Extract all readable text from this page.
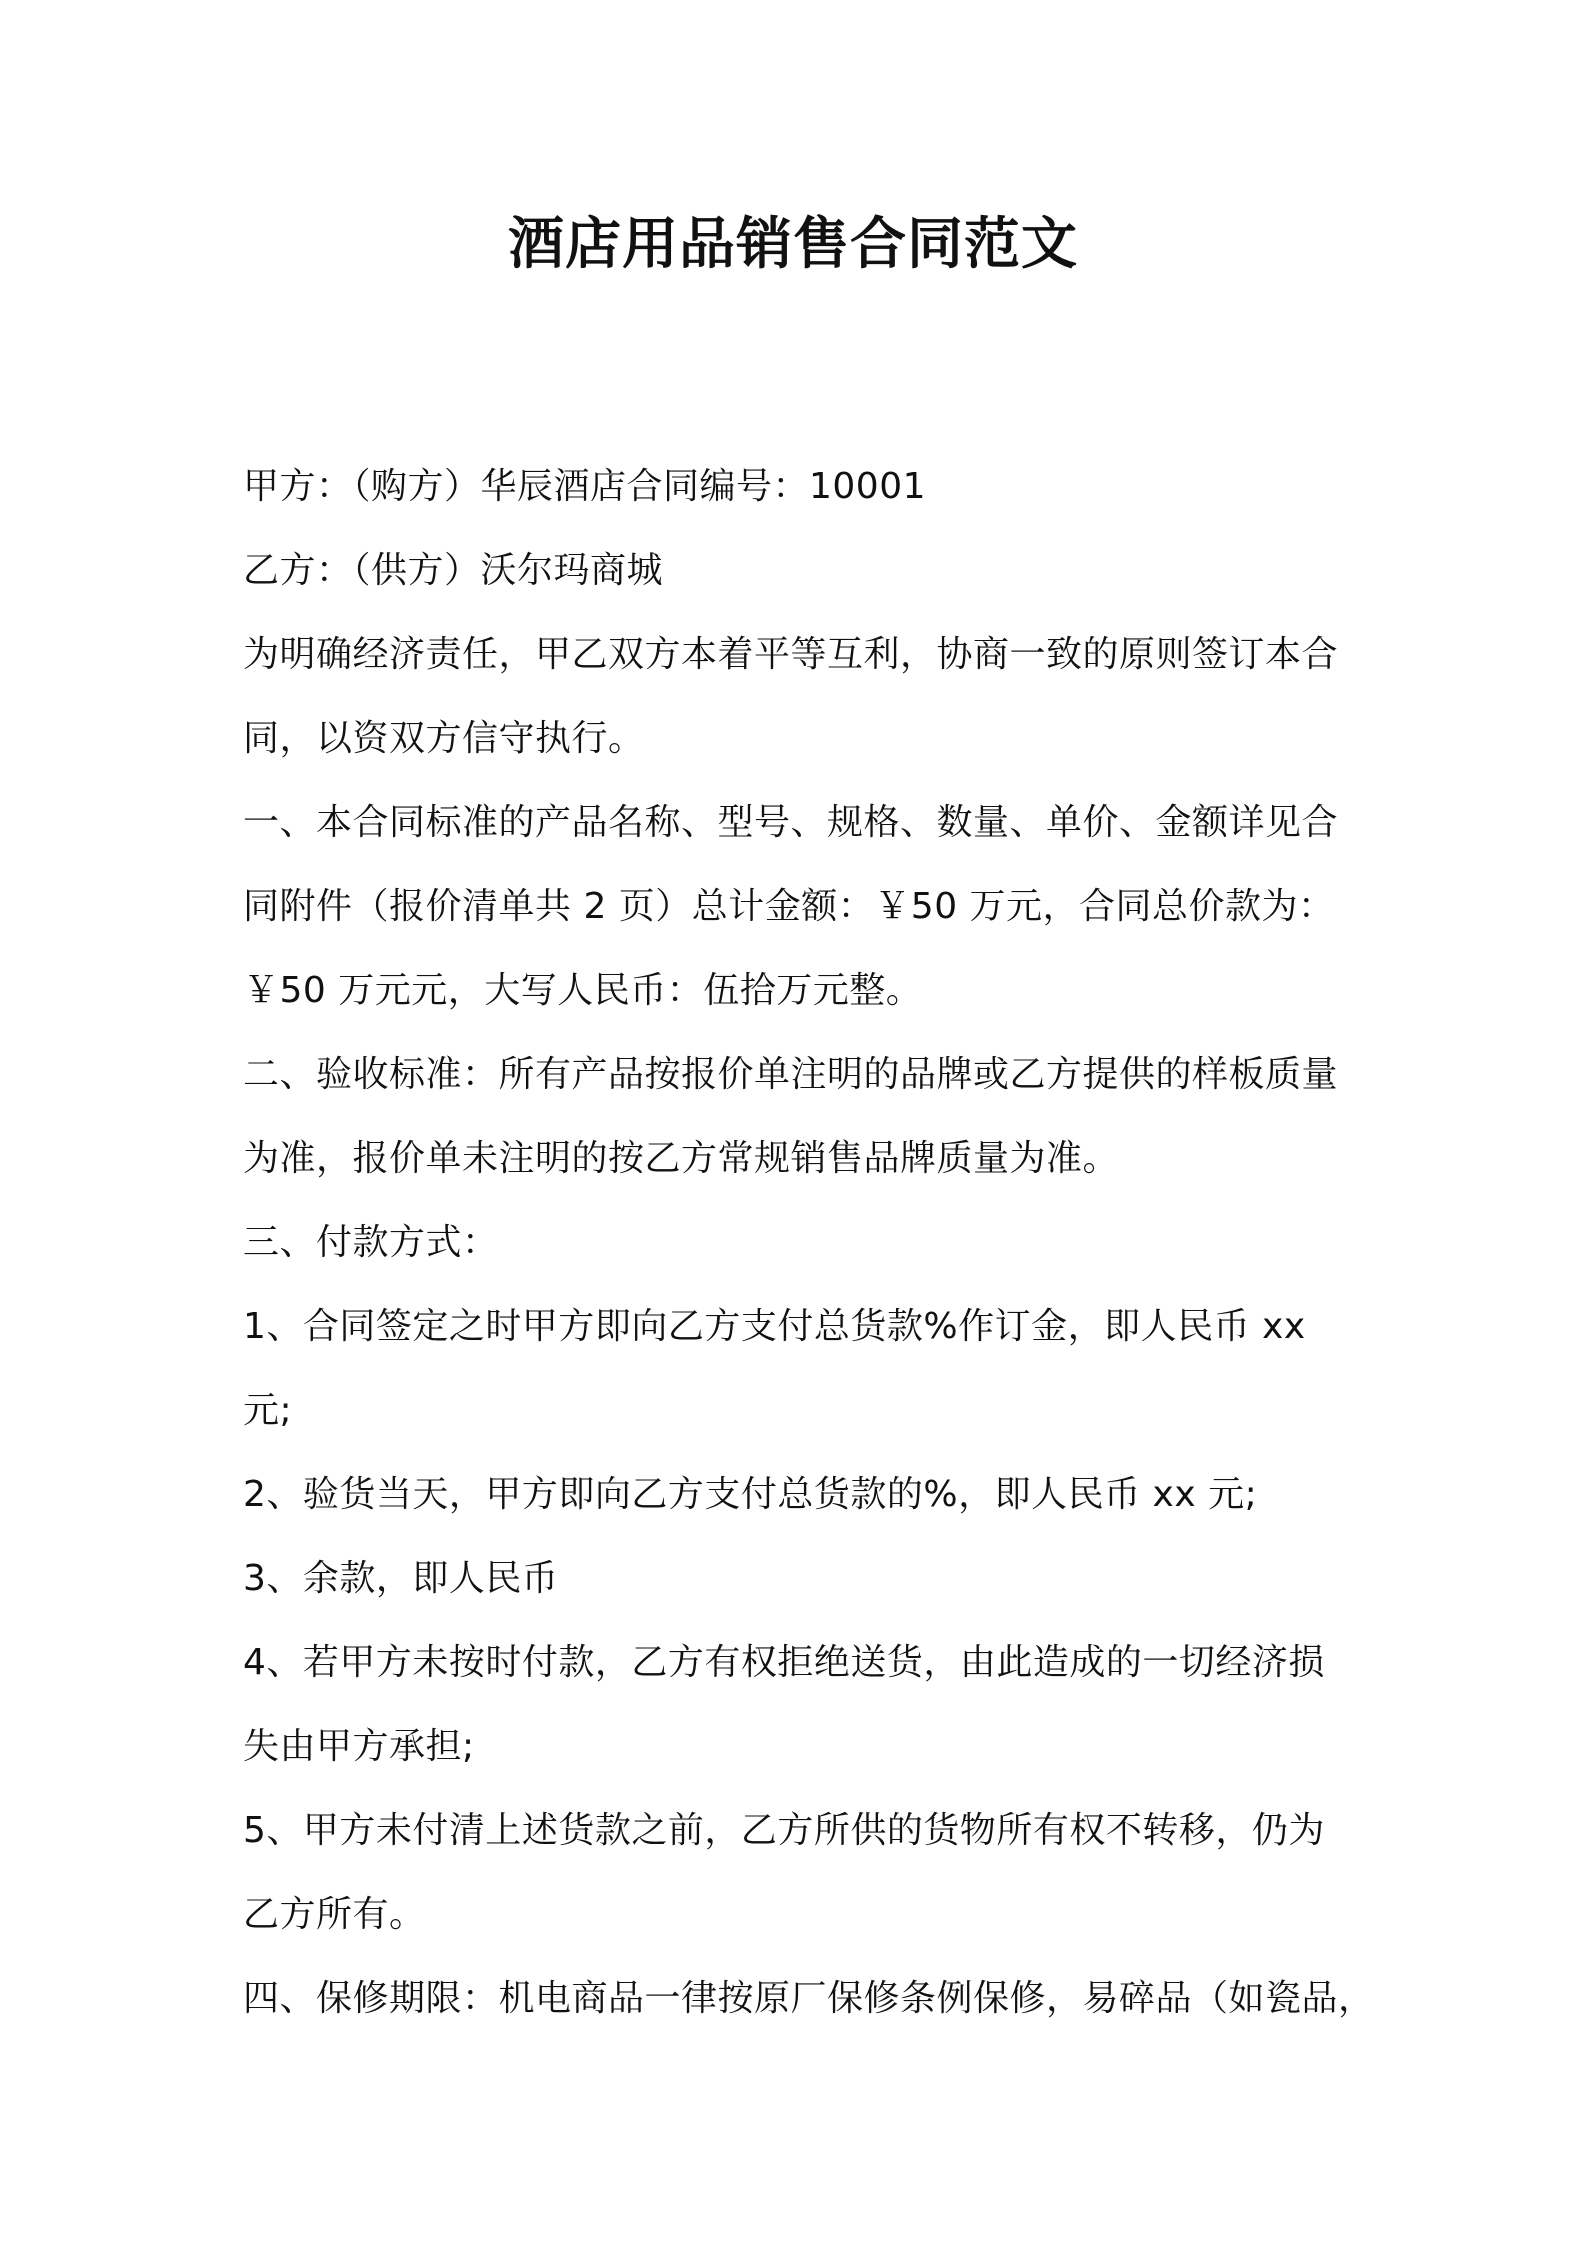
酒店用品销售合同范文
甲方：（购方）华辰酒店合同编号：10001
乙方：（供方）沃尔玛商城
为明确经济责任，甲乙双方本着平等互利，协商一致的原则签订本合
同，以资双方信守执行。
一、本合同标准的产品名称、型号、规格、数量、单价、金额详见合
同附件（报价清单共 2 页）总计金额：￥50 万元，合同总价款为：
￥50 万元元，大写人民币：伍拾万元整。
二、验收标准：所有产品按报价单注明的品牌或乙方提供的样板质量
为准，报价单未注明的按乙方常规销售品牌质量为准。
三、付款方式：
1、合同签定之时甲方即向乙方支付总货款%作订金，即人民币 xx
元;
2、验货当天，甲方即向乙方支付总货款的%，即人民币 xx 元;
3、余款，即人民币
4、若甲方未按时付款，乙方有权拒绝送货，由此造成的一切经济损
失由甲方承担;
5、甲方未付清上述货款之前，乙方所供的货物所有权不转移，仍为
乙方所有。
四、保修期限：机电商品一律按原厂保修条例保修，易碎品（如瓷品，
